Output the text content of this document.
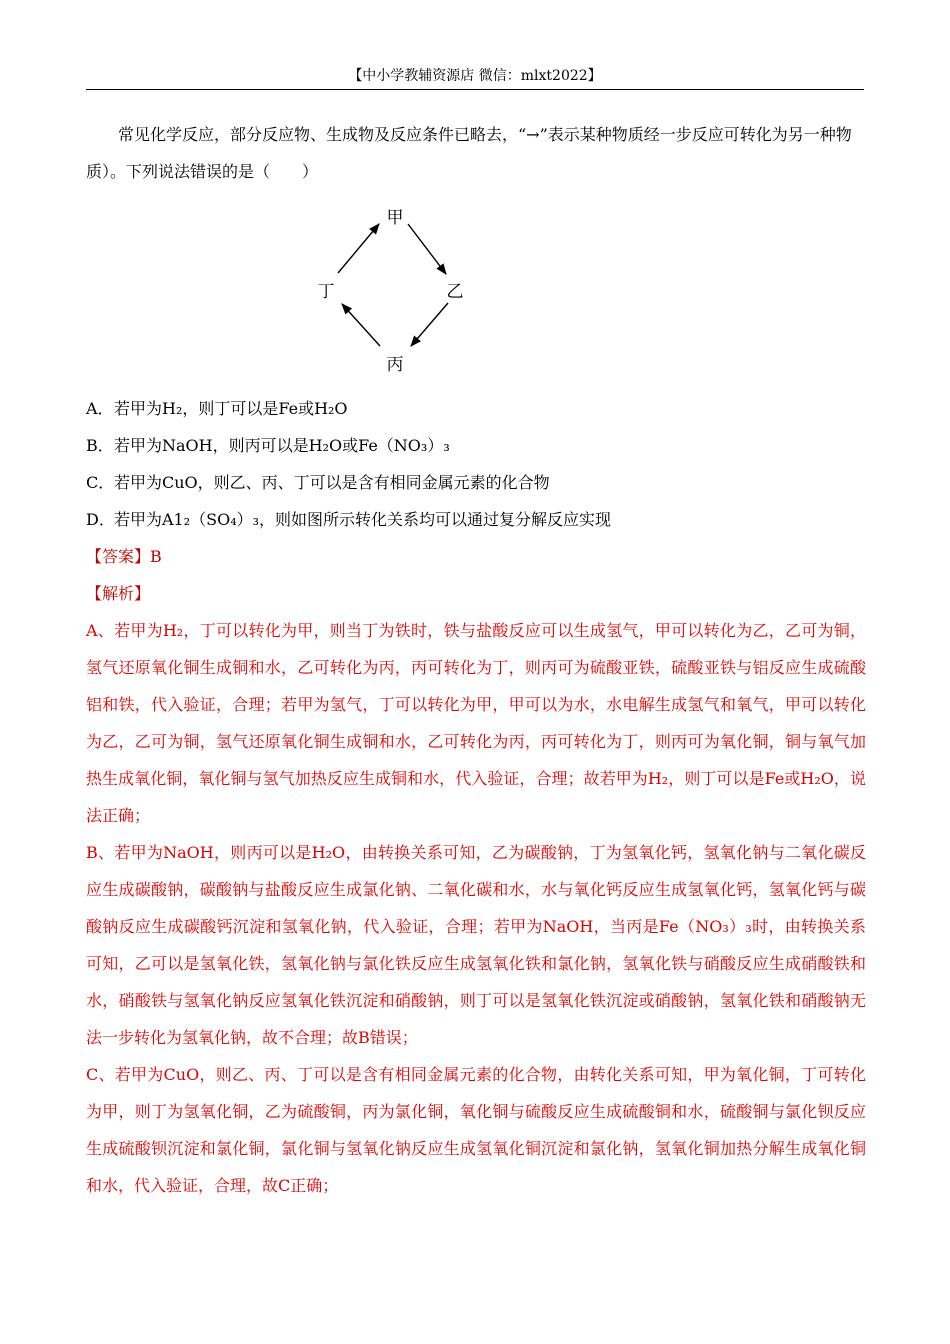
【中小学教辅资源店 微信：mlxt2022】

常见化学反应，部分反应物、生成物及反应条件已略去，“→”表示某种物质经一步反应可转化为另一种物质）。下列说法错误的是（　　）

甲
乙
丙
丁

A．若甲为H₂，则丁可以是Fe或H₂O

B．若甲为NaOH，则丙可以是H₂O或Fe（NO₃）₃

C．若甲为CuO，则乙、丙、丁可以是含有相同金属元素的化合物

D．若甲为A1₂（SO₄）₃，则如图所示转化关系均可以通过复分解反应实现

【答案】B

【解析】

A、若甲为H₂，丁可以转化为甲，则当丁为铁时，铁与盐酸反应可以生成氢气，甲可以转化为乙，乙可为铜，氢气还原氧化铜生成铜和水，乙可转化为丙，丙可转化为丁，则丙可为硫酸亚铁，硫酸亚铁与铝反应生成硫酸铝和铁，代入验证，合理；若甲为氢气，丁可以转化为甲，甲可以为水，水电解生成氢气和氧气，甲可以转化为乙，乙可为铜，氢气还原氧化铜生成铜和水，乙可转化为丙，丙可转化为丁，则丙可为氧化铜，铜与氧气加热生成氧化铜，氧化铜与氢气加热反应生成铜和水，代入验证，合理；故若甲为H₂，则丁可以是Fe或H₂O，说法正确；

B、若甲为NaOH，则丙可以是H₂O，由转换关系可知，乙为碳酸钠，丁为氢氧化钙，氢氧化钠与二氧化碳反应生成碳酸钠，碳酸钠与盐酸反应生成氯化钠、二氧化碳和水，水与氧化钙反应生成氢氧化钙，氢氧化钙与碳酸钠反应生成碳酸钙沉淀和氢氧化钠，代入验证，合理；若甲为NaOH，当丙是Fe（NO₃）₃时，由转换关系可知，乙可以是氢氧化铁，氢氧化钠与氯化铁反应生成氢氧化铁和氯化钠，氢氧化铁与硝酸反应生成硝酸铁和水，硝酸铁与氢氧化钠反应氢氧化铁沉淀和硝酸钠，则丁可以是氢氧化铁沉淀或硝酸钠，氢氧化铁和硝酸钠无法一步转化为氢氧化钠，故不合理；故B错误；

C、若甲为CuO，则乙、丙、丁可以是含有相同金属元素的化合物，由转化关系可知，甲为氧化铜，丁可转化为甲，则丁为氢氧化铜，乙为硫酸铜，丙为氯化铜，氧化铜与硫酸反应生成硫酸铜和水，硫酸铜与氯化钡反应生成硫酸钡沉淀和氯化铜，氯化铜与氢氧化钠反应生成氢氧化铜沉淀和氯化钠，氢氧化铜加热分解生成氧化铜和水，代入验证，合理，故C正确；
